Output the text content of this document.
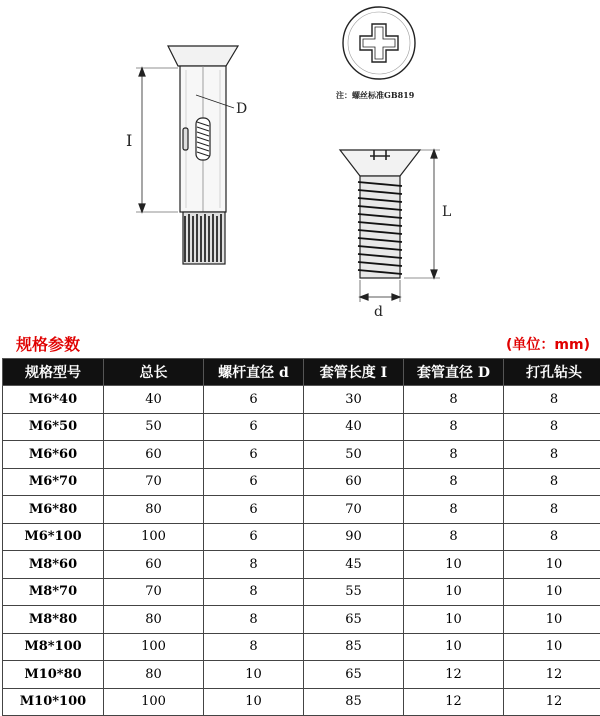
I
D
注：螺丝标准GB819
L
d
规格参数	(单位：mm)
规格型号	总长	螺杆直径 d	套管长度 I	套管直径 D	打孔钻头
M6*40	40	6	30	8	8
M6*50	50	6	40	8	8
M6*60	60	6	50	8	8
M6*70	70	6	60	8	8
M6*80	80	6	70	8	8
M6*100	100	6	90	8	8
M8*60	60	8	45	10	10
M8*70	70	8	55	10	10
M8*80	80	8	65	10	10
M8*100	100	8	85	10	10
M10*80	80	10	65	12	12
M10*100	100	10	85	12	12
